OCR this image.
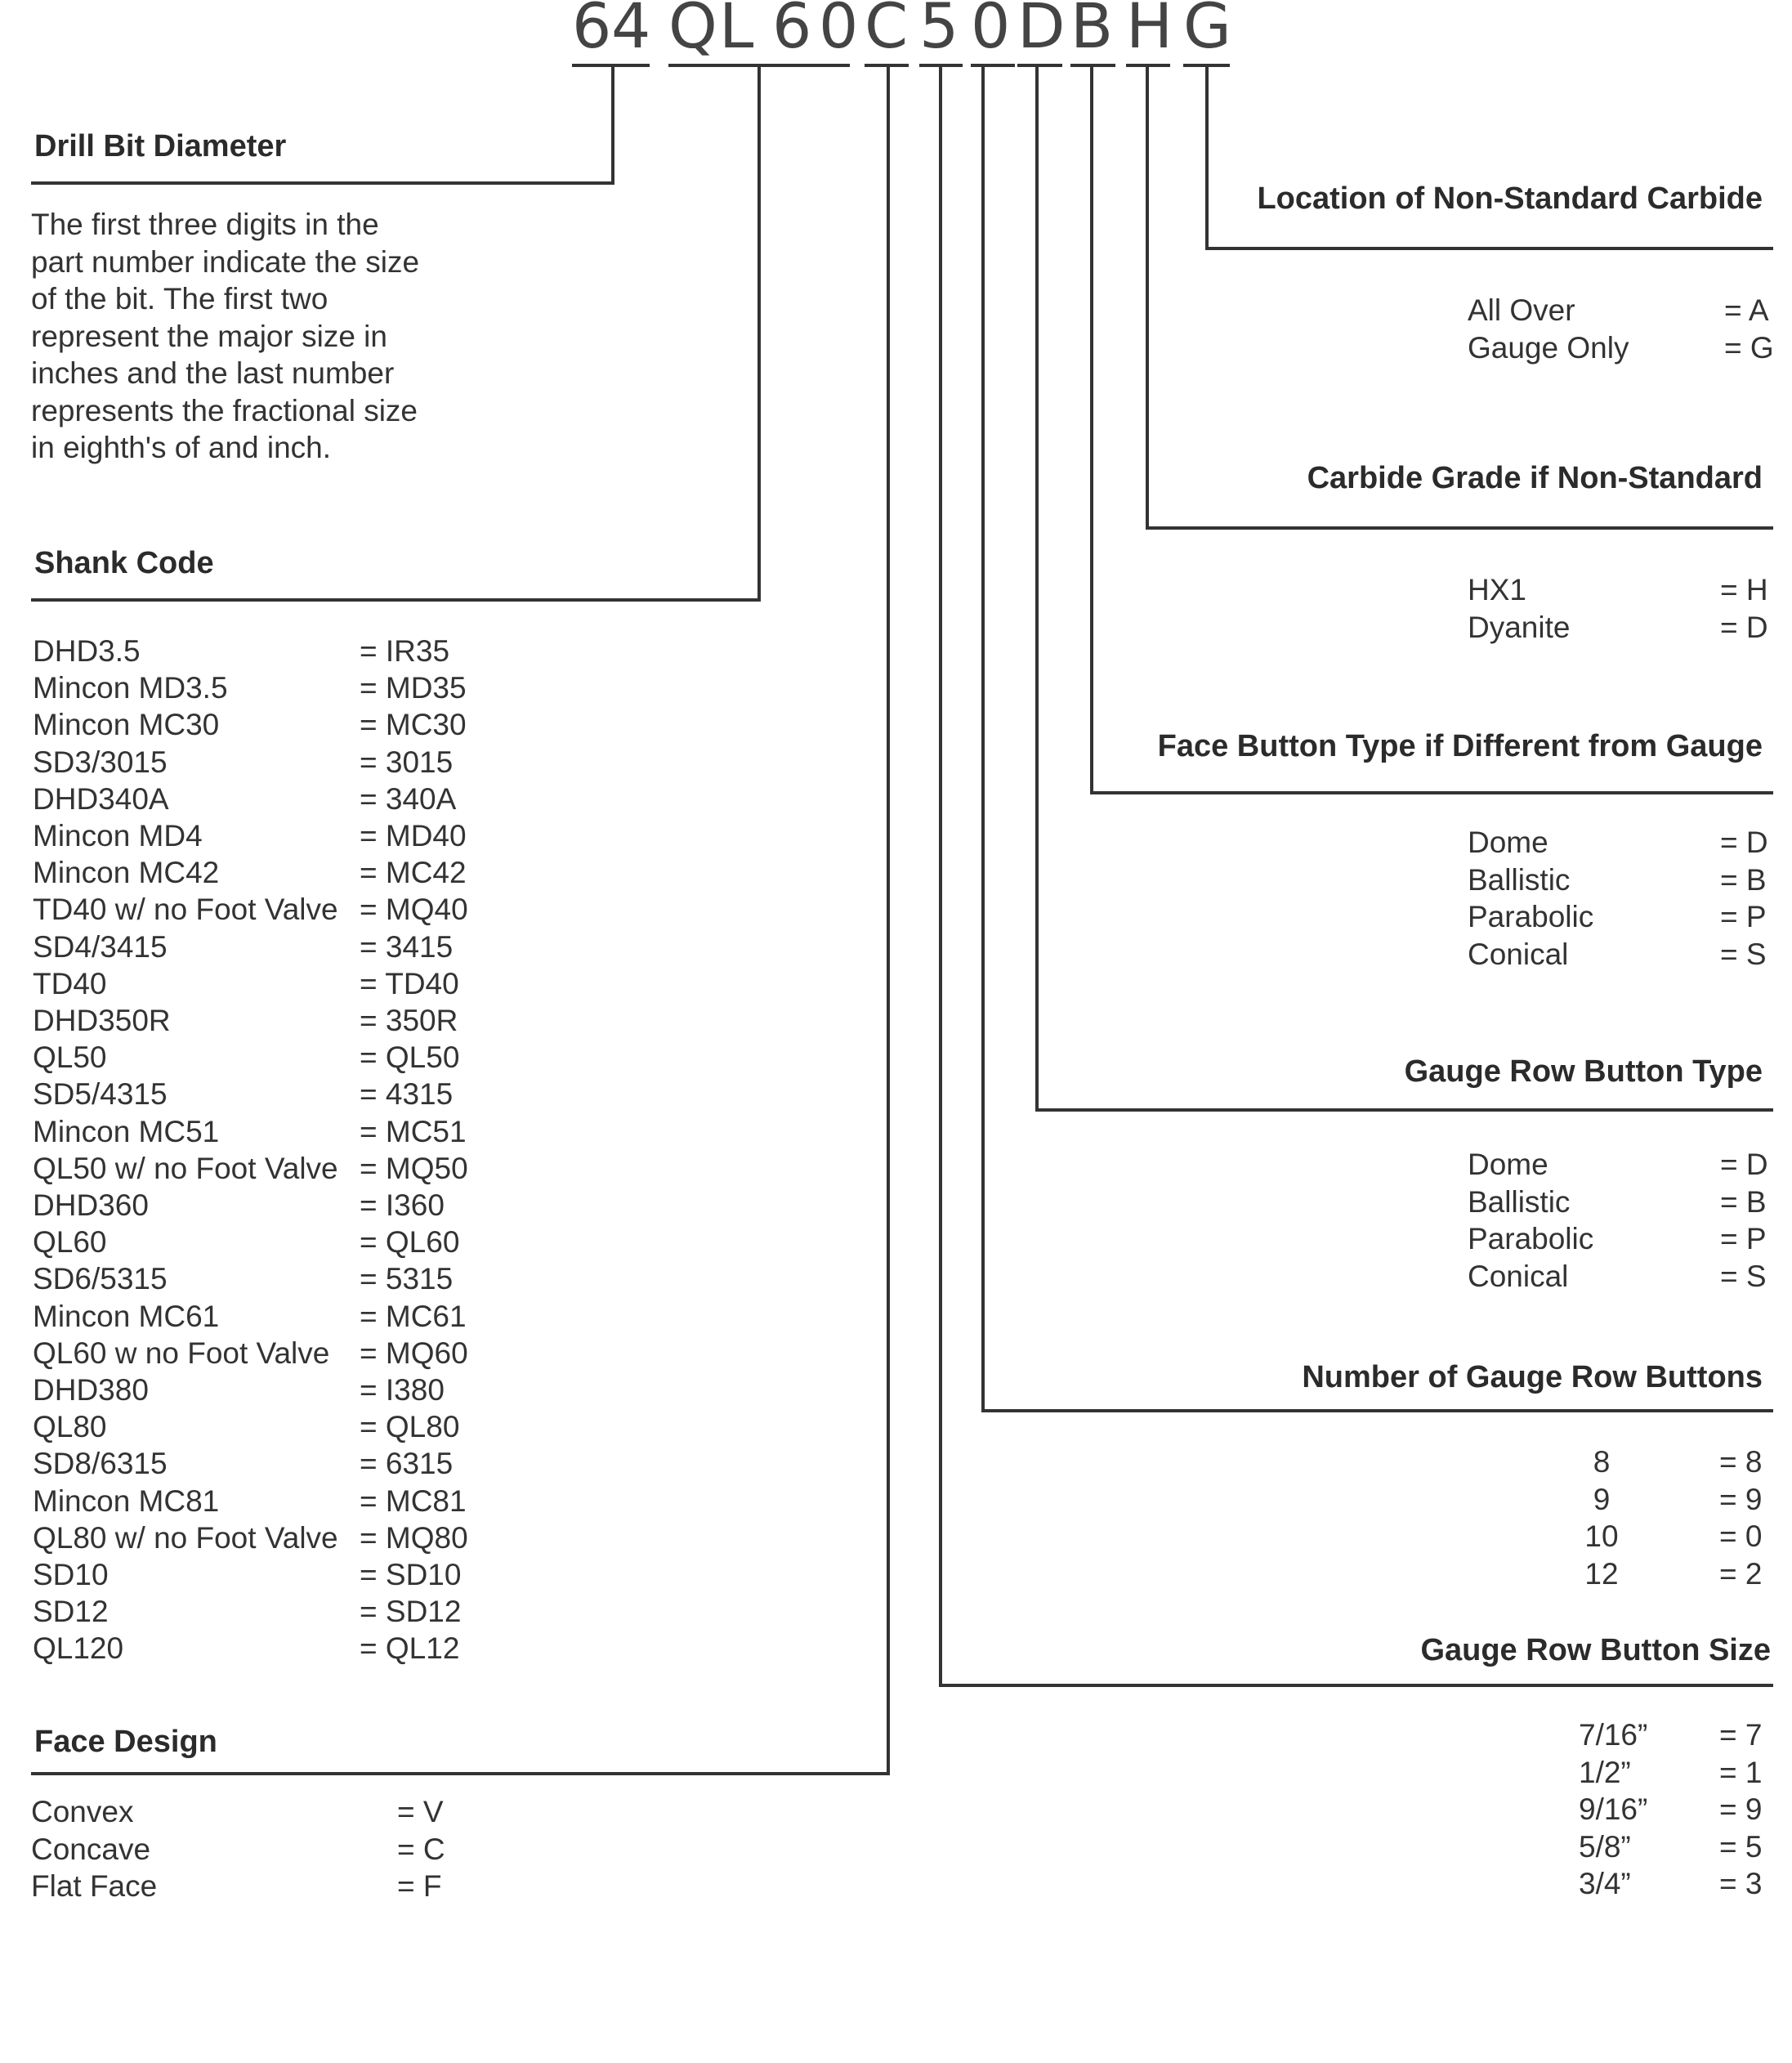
6 4 Q L 6 0 C 5 0 D B H G
Drill Bit Diameter
The first three digits in the
part number indicate the size
of the bit. The first two
represent the major size in
inches and the last number
represents the fractional size
in eighth's of and inch.
Shank Code
DHD3.5	= IR35
Mincon MD3.5	= MD35
Mincon MC30	= MC30
SD3/3015	= 3015
DHD340A	= 340A
Mincon MD4	= MD40
Mincon MC42	= MC42
TD40 w/ no Foot Valve = MQ40
SD4/3415	= 3415
TD40	= TD40
DHD350R	= 350R
QL50	= QL50
SD5/4315	= 4315
Mincon MC51	= MC51
QL50 w/ no Foot Valve = MQ50
DHD360	= I360
QL60	= QL60
SD6/5315	= 5315
Mincon MC61	= MC61
QL60 w no Foot Valve = MQ60
DHD380	= I380
QL80	= QL80
SD8/6315	= 6315
Mincon MC81	= MC81
QL80 w/ no Foot Valve = MQ80
SD10	= SD10
SD12	= SD12
QL120	= QL12
Face Design
Convex	= V
Concave	= C
Flat Face	= F
Location of Non-Standard Carbide
All Over	= A
Gauge Only	= G
Carbide Grade if Non-Standard
HX1	= H
Dyanite	= D
Face Button Type if Different from Gauge
Dome	= D
Ballistic	= B
Parabolic	= P
Conical	= S
Gauge Row Button Type
Dome	= D
Ballistic	= B
Parabolic	= P
Conical	= S
Number of Gauge Row Buttons
8	= 8
9	= 9
10	= 0
12	= 2
Gauge Row Button Size
7/16” = 7
1/2”	= 1
9/16” = 9
5/8”	= 5
3/4”	= 3
